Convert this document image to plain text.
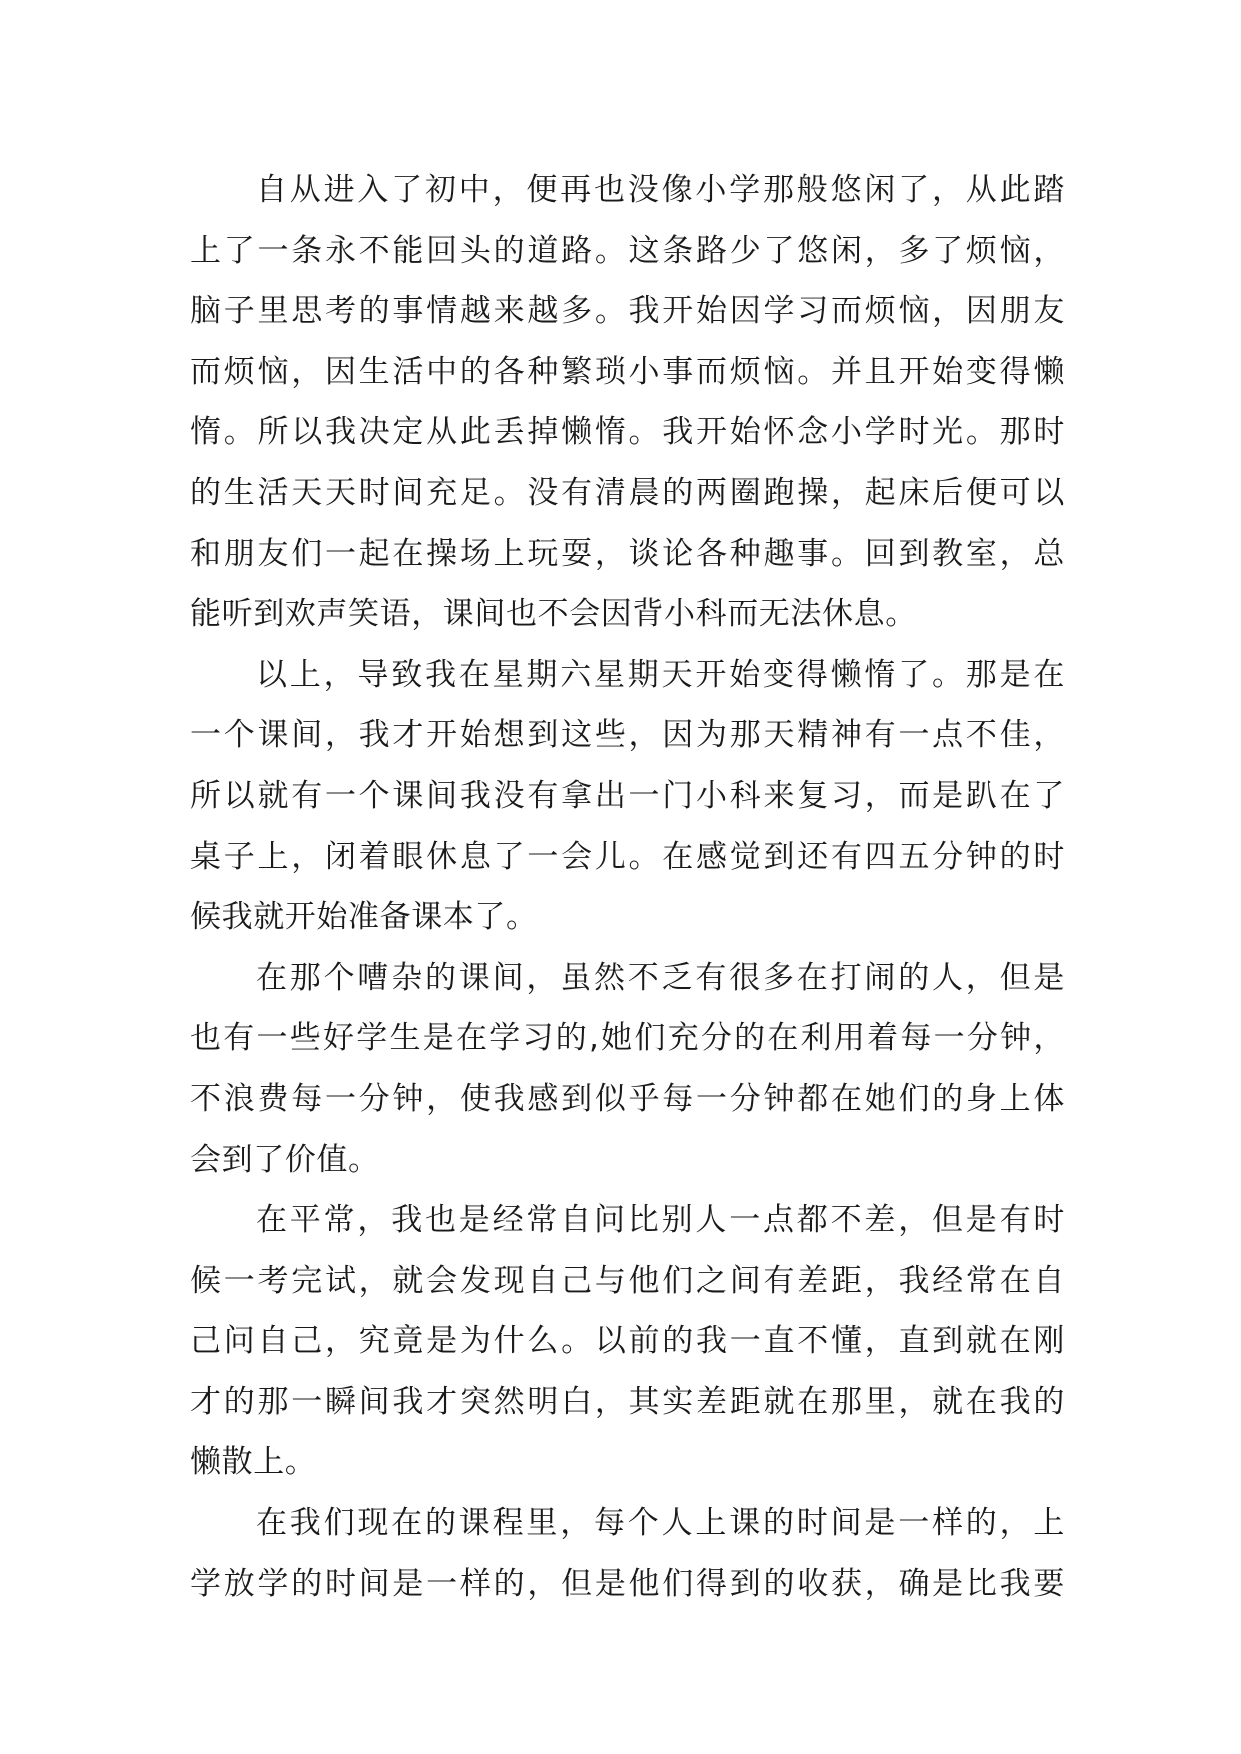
自从进入了初中，便再也没像小学那般悠闲了，从此踏
上了一条永不能回头的道路。这条路少了悠闲，多了烦恼，
脑子里思考的事情越来越多。我开始因学习而烦恼，因朋友
而烦恼，因生活中的各种繁琐小事而烦恼。并且开始变得懒
惰。所以我决定从此丢掉懒惰。我开始怀念小学时光。那时
的生活天天时间充足。没有清晨的两圈跑操，起床后便可以
和朋友们一起在操场上玩耍，谈论各种趣事。回到教室，总
能听到欢声笑语，课间也不会因背小科而无法休息。
以上，导致我在星期六星期天开始变得懒惰了。那是在
一个课间，我才开始想到这些，因为那天精神有一点不佳，
所以就有一个课间我没有拿出一门小科来复习，而是趴在了
桌子上，闭着眼休息了一会儿。在感觉到还有四五分钟的时
候我就开始准备课本了。
在那个嘈杂的课间，虽然不乏有很多在打闹的人，但是
也有一些好学生是在学习的,她们充分的在利用着每一分钟，
不浪费每一分钟，使我感到似乎每一分钟都在她们的身上体
会到了价值。
在平常，我也是经常自问比别人一点都不差，但是有时
候一考完试，就会发现自己与他们之间有差距，我经常在自
己问自己，究竟是为什么。以前的我一直不懂，直到就在刚
才的那一瞬间我才突然明白，其实差距就在那里，就在我的
懒散上。
在我们现在的课程里，每个人上课的时间是一样的，上
学放学的时间是一样的，但是他们得到的收获，确是比我要
